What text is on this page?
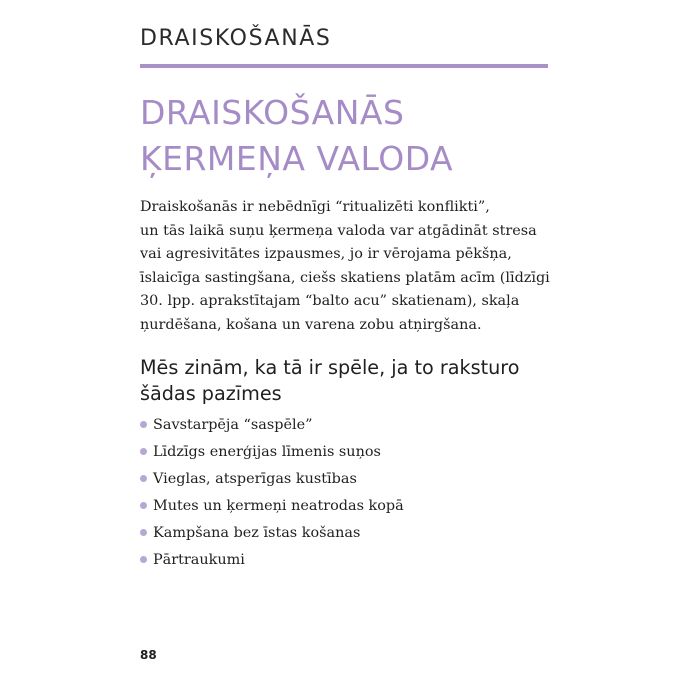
DRAISKOŠANĀS
DRAISKOŠANĀS
ĶERMEŅA VALODA

Draiskošanās ir nebēdnīgi “ritualizēti konflikti”,
un tās laikā suņu ķermeņa valoda var atgādināt stresa
vai agresivitātes izpausmes, jo ir vērojama pēkšņa,
īslaicīga sastingšana, ciešs skatiens platām acīm (līdzīgi
30. lpp. aprakstītajam “balto acu” skatienam), skaļa
ņurdēšana, košana un varena zobu atņirgšana.

Mēs zinām, ka tā ir spēle, ja to raksturo
šādas pazīmes
Savstarpēja “saspēle”
Līdzīgs enerģijas līmenis suņos
Vieglas, atsperīgas kustības
Mutes un ķermeņi neatrodas kopā
Kampšana bez īstas košanas
Pārtraukumi
88
